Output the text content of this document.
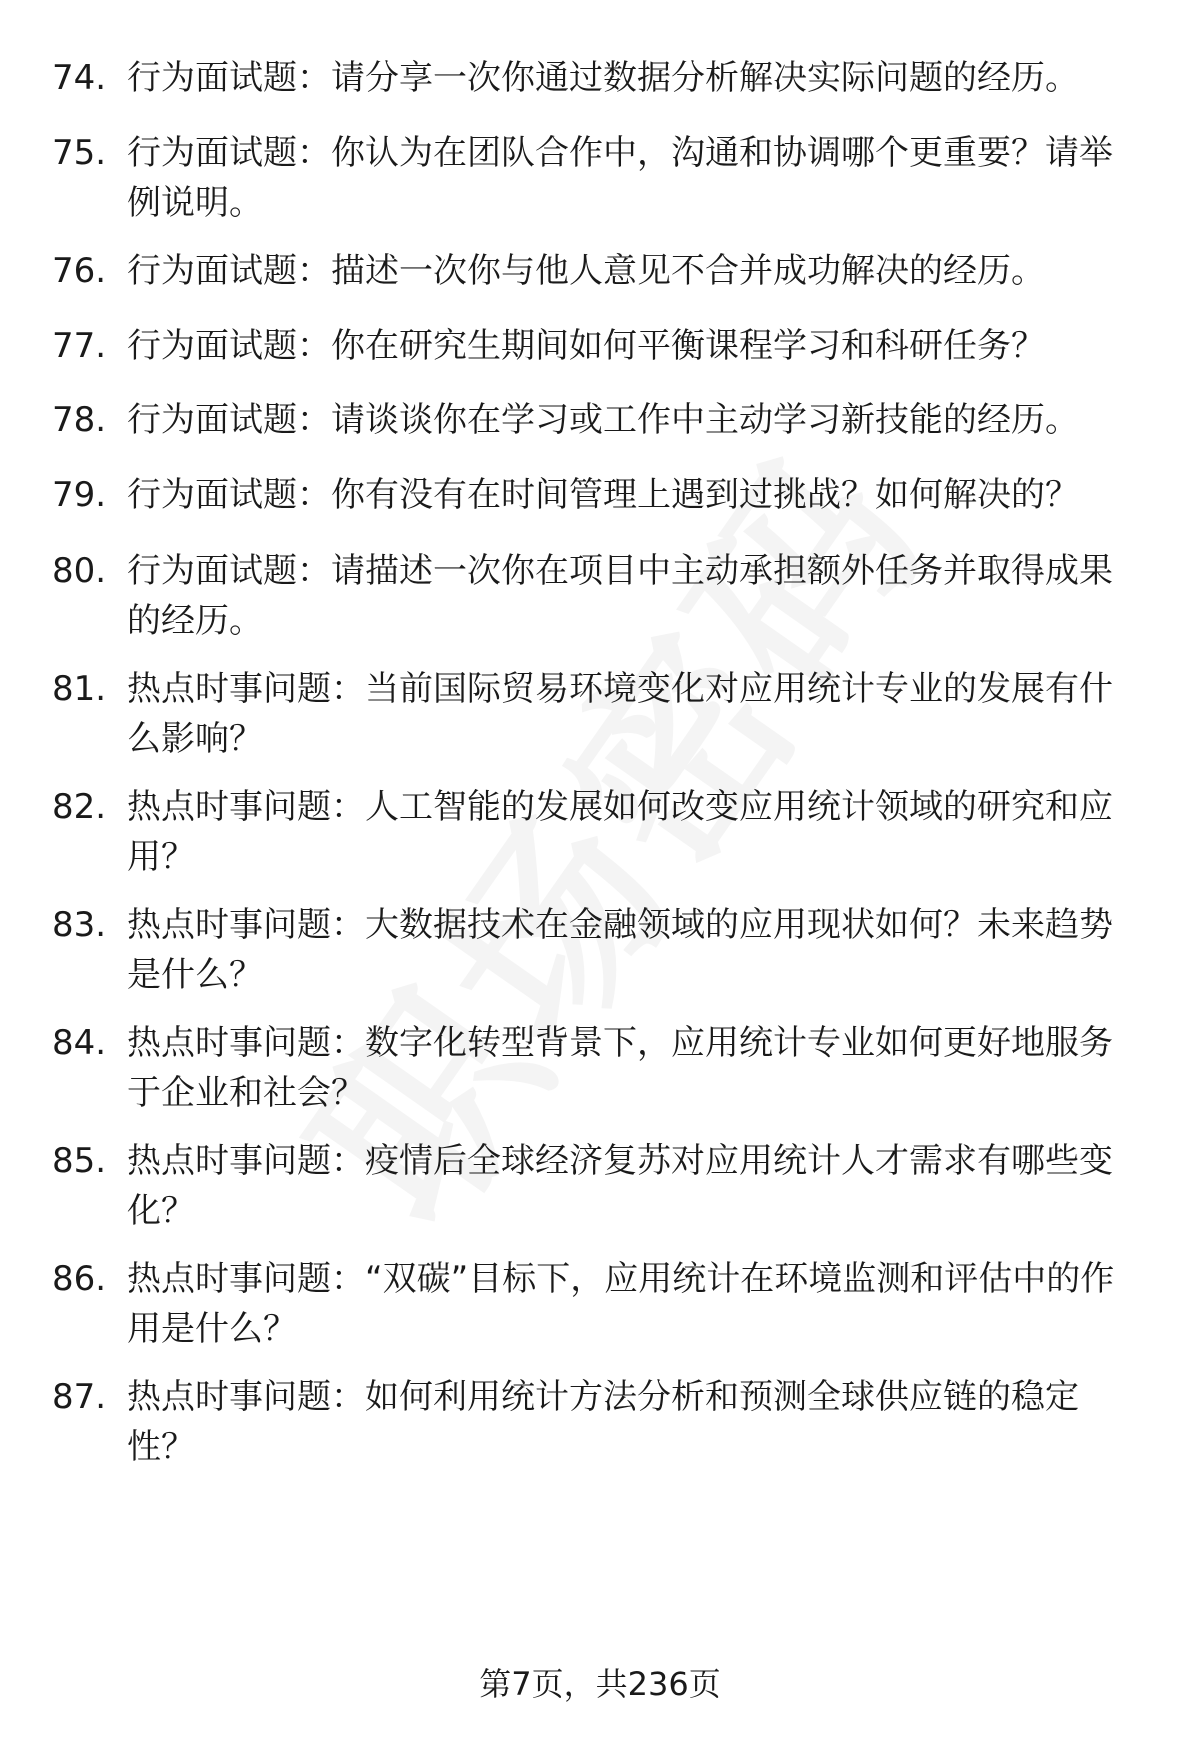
74. 行为面试题：请分享一次你通过数据分析解决实际问题的经历。
75. 行为面试题：你认为在团队合作中，沟通和协调哪个更重要？请举例说明。
76. 行为面试题：描述一次你与他人意见不合并成功解决的经历。
77. 行为面试题：你在研究生期间如何平衡课程学习和科研任务？
78. 行为面试题：请谈谈你在学习或工作中主动学习新技能的经历。
79. 行为面试题：你有没有在时间管理上遇到过挑战？如何解决的？
80. 行为面试题：请描述一次你在项目中主动承担额外任务并取得成果的经历。
81. 热点时事问题：当前国际贸易环境变化对应用统计专业的发展有什么影响？
82. 热点时事问题：人工智能的发展如何改变应用统计领域的研究和应用？
83. 热点时事问题：大数据技术在金融领域的应用现状如何？未来趋势是什么？
84. 热点时事问题：数字化转型背景下，应用统计专业如何更好地服务于企业和社会？
85. 热点时事问题：疫情后全球经济复苏对应用统计人才需求有哪些变化？
86. 热点时事问题：“双碳”目标下，应用统计在环境监测和评估中的作用是什么？
87. 热点时事问题：如何利用统计方法分析和预测全球供应链的稳定性？
第7页，共236页
